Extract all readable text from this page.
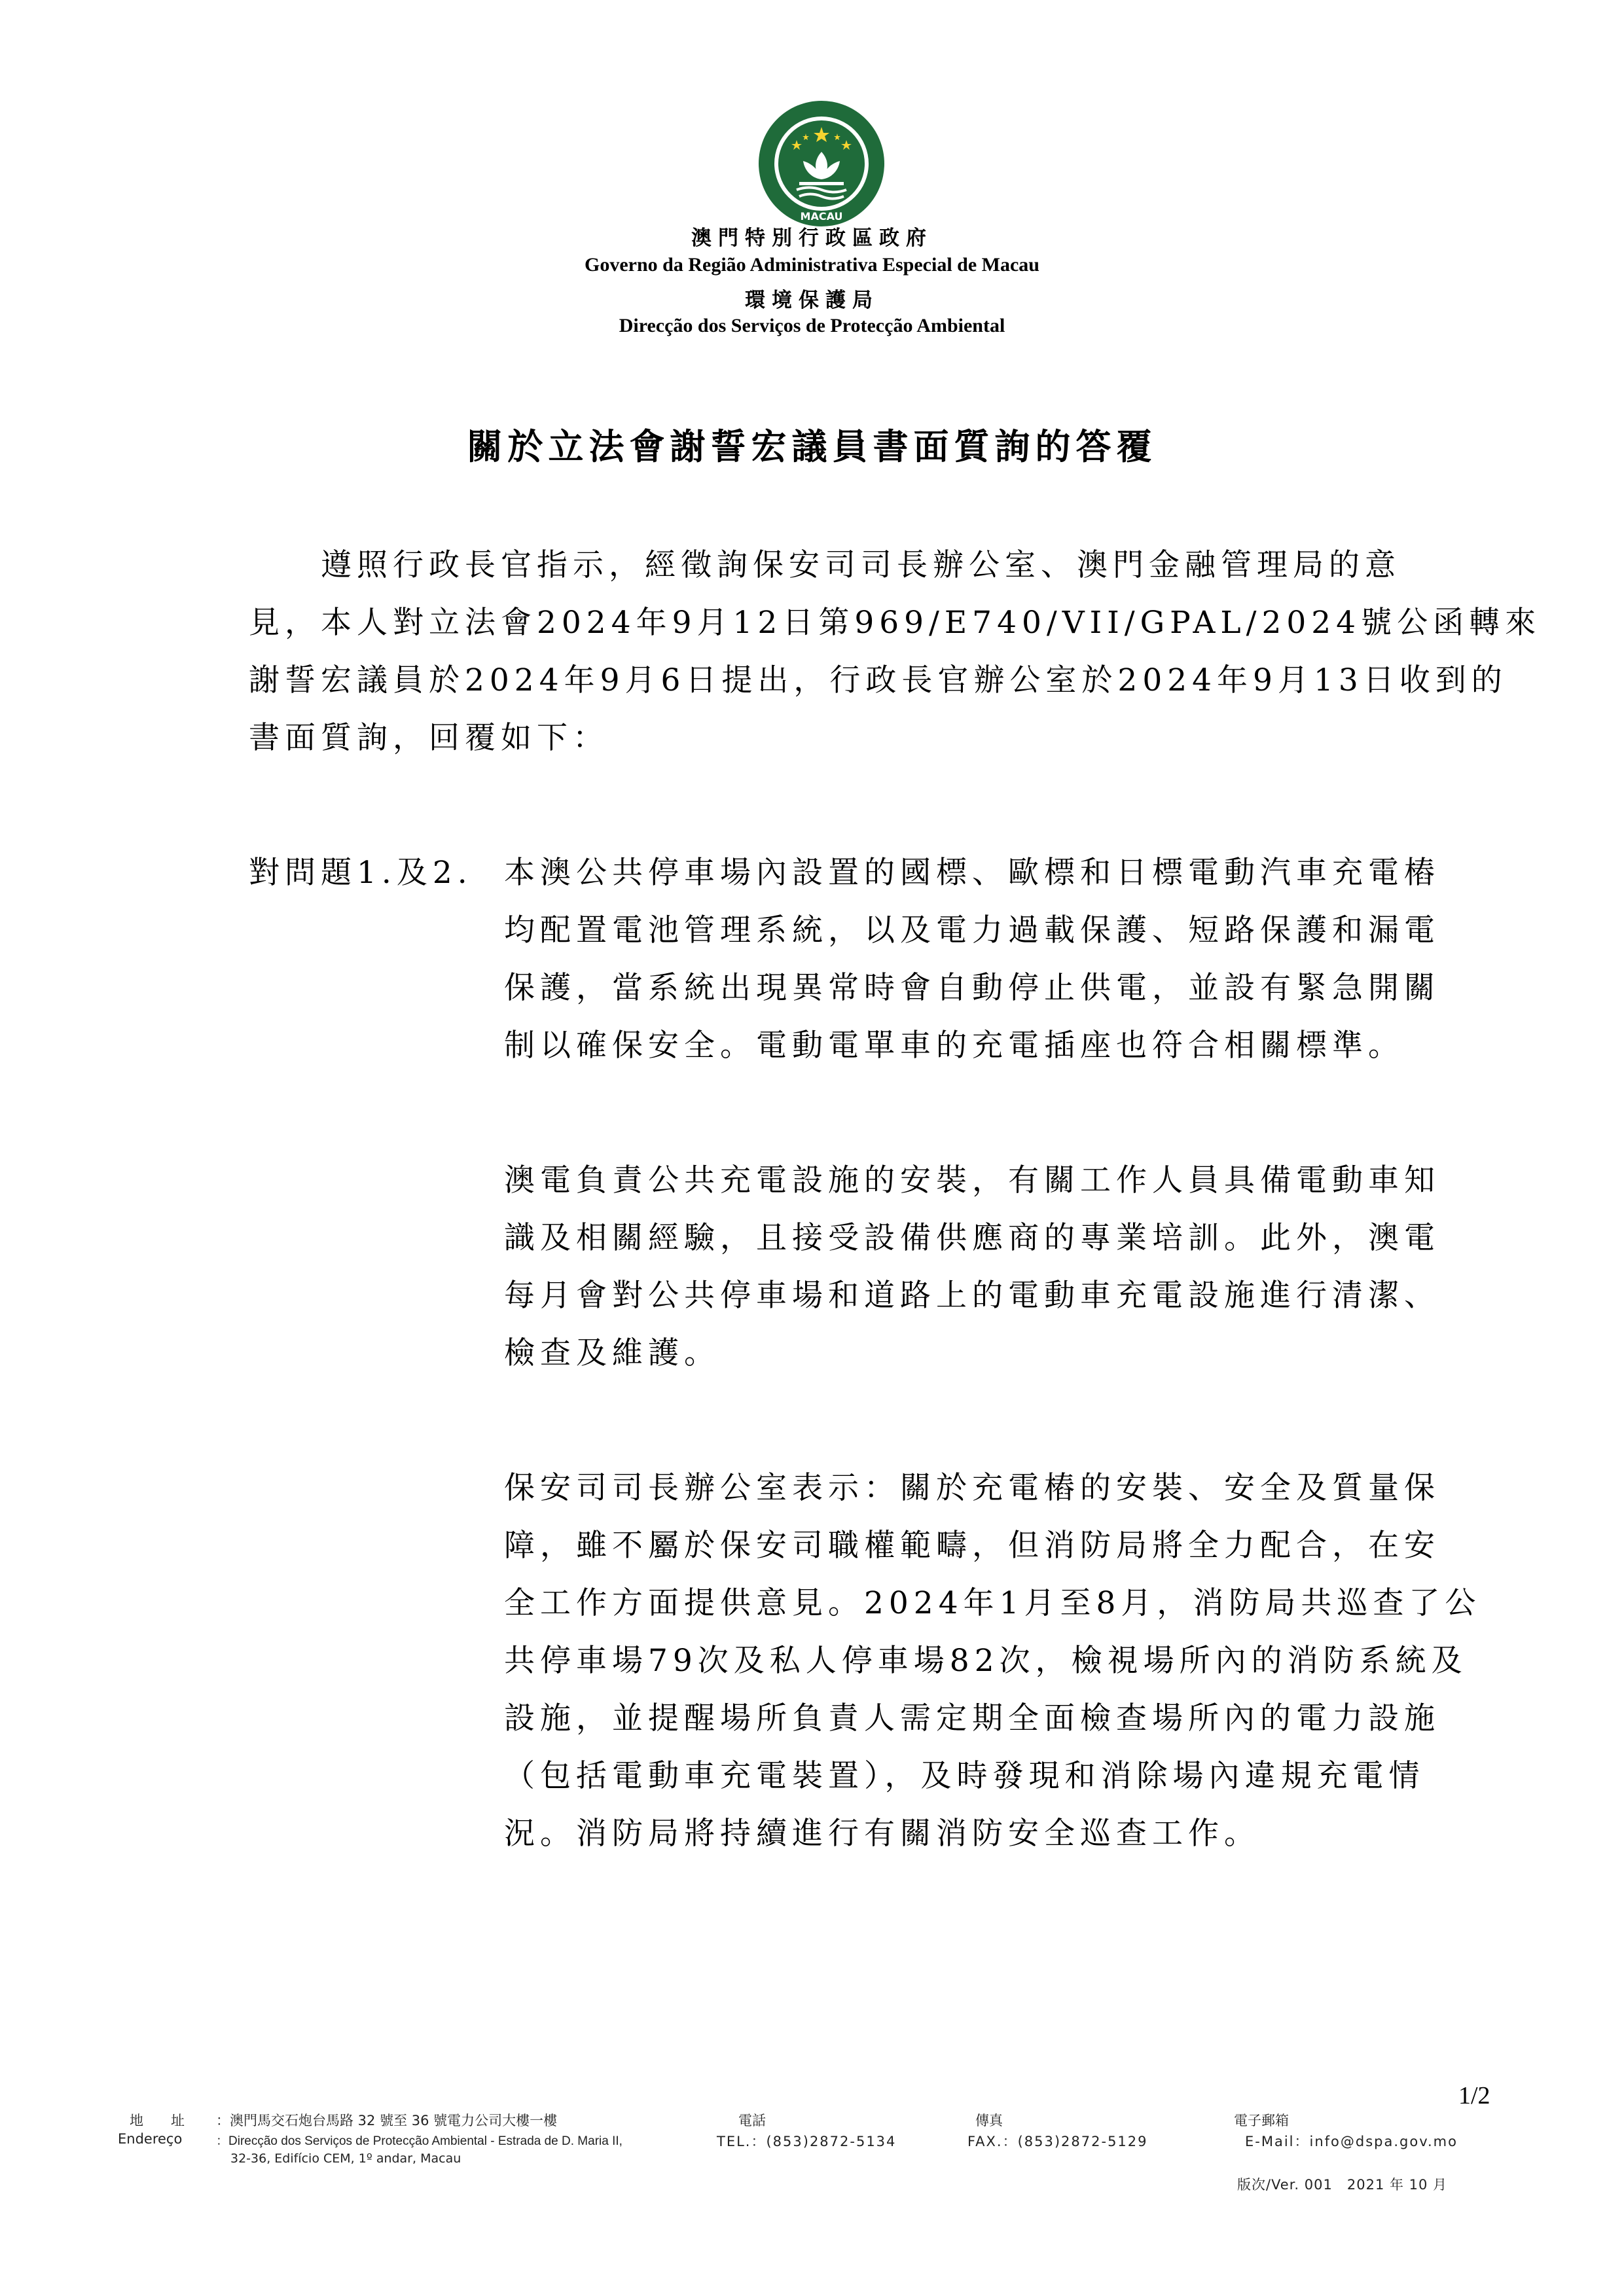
MACAU
澳門特別行政區政府
Governo da Região Administrativa Especial de Macau
環境保護局
Direcção dos Serviços de Protecção Ambiental
關於立法會謝誓宏議員書面質詢的答覆
遵照行政長官指示，經徵詢保安司司長辦公室、澳門金融管理局的意
見，本人對立法會2024年9月12日第969/E740/VII/GPAL/2024號公函轉來
謝誓宏議員於2024年9月6日提出，行政長官辦公室於2024年9月13日收到的
書面質詢，回覆如下：
對問題1.及2. 本澳公共停車場內設置的國標、歐標和日標電動汽車充電樁
均配置電池管理系統，以及電力過載保護、短路保護和漏電
保護，當系統出現異常時會自動停止供電，並設有緊急開關
制以確保安全。電動電單車的充電插座也符合相關標準。
澳電負責公共充電設施的安裝，有關工作人員具備電動車知
識及相關經驗，且接受設備供應商的專業培訓。此外，澳電
每月會對公共停車場和道路上的電動車充電設施進行清潔、
檢查及維護。
保安司司長辦公室表示：關於充電樁的安裝、安全及質量保
障，雖不屬於保安司職權範疇，但消防局將全力配合，在安
全工作方面提供意見。2024年1月至8月，消防局共巡查了公
共停車場79次及私人停車場82次，檢視場所內的消防系統及
設施，並提醒場所負責人需定期全面檢查場所內的電力設施
（包括電動車充電裝置），及時發現和消除場內違規充電情
況。消防局將持續進行有關消防安全巡查工作。
1/2
地　　址
Endereço
：澳門馬交石炮台馬路 32 號至 36 號電力公司大樓一樓
：Direcção dos Serviços de Protecção Ambiental - Estrada de D. Maria II,
32-36, Edifício CEM, 1º andar, Macau
電話
TEL.：(853)2872-5134
傳真
FAX.：(853)2872-5129
電子郵箱
E-Mail：info@dspa.gov.mo
版次/Ver. 001　2021 年 10 月
